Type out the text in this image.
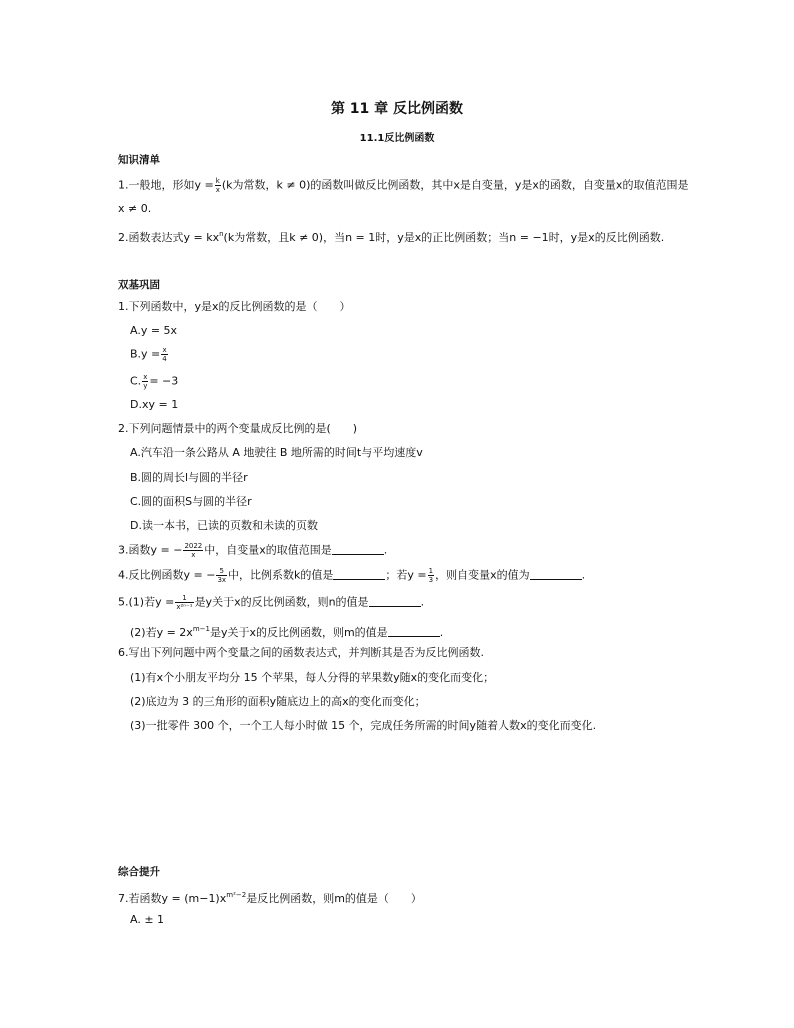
第 11 章 反比例函数
11.1反比例函数
知识清单
1.一般地，形如$y = \frac{k}{x} (k$为常数，k ≠ 0)的函数叫做反比例函数，其中x是自变量，y是x的函数，自变量x的取值范围是
x ≠ 0.
2.函数表达式$y = kx^n(k$为常数，且k ≠ 0)，当n = 1时，y是x的正比例函数；当n = −1时，y是x的反比例函数.
双基巩固
1.下列函数中，y是x的反比例函数的是（　　）
A.y = 5x
$B.y = \frac{x}{4}$
C. $\frac{x}{y} = -3$
D.xy = 1
2.下列问题情景中的两个变量成反比例的是(　　)
A.汽车沿一条公路从 A 地驶往 B 地所需的时间t与平均速度v
B.圆的周长l与圆的半径r
C.圆的面积S与圆的半径r
D.读一本书，已读的页数和未读的页数
3.函数y = − $\frac{2022}{x}$ 中，自变量x的取值范围是	.
4.反比例函数y = − $\frac{5}{3x}$ 中，比例系数k的值是	；若$y = \frac{1}{3}$ ，则自变量x的值为	.
5.(1)若$y = \frac{1}{\text{x²ⁿ⁻¹}}$ 是y关于x的反比例函数，则n的值是	.
(2)若$y = 2x^{m-1}$是y关于x的反比例函数，则m的值是	.
6.写出下列问题中两个变量之间的函数表达式，并判断其是否为反比例函数.
(1)有x个小朋友平均分 15 个苹果，每人分得的苹果数y随x的变化而变化；
(2)底边为 3 的三角形的面积y随底边上的高x的变化而变化；
(3)一批零件 300 个，一个工人每小时做 15 个，完成任务所需的时间y随着人数x的变化而变化.
综合提升
7.若函数$y = (m-1)x^{m^2-2}$是反比例函数，则m的值是（　　）
A. ± 1
